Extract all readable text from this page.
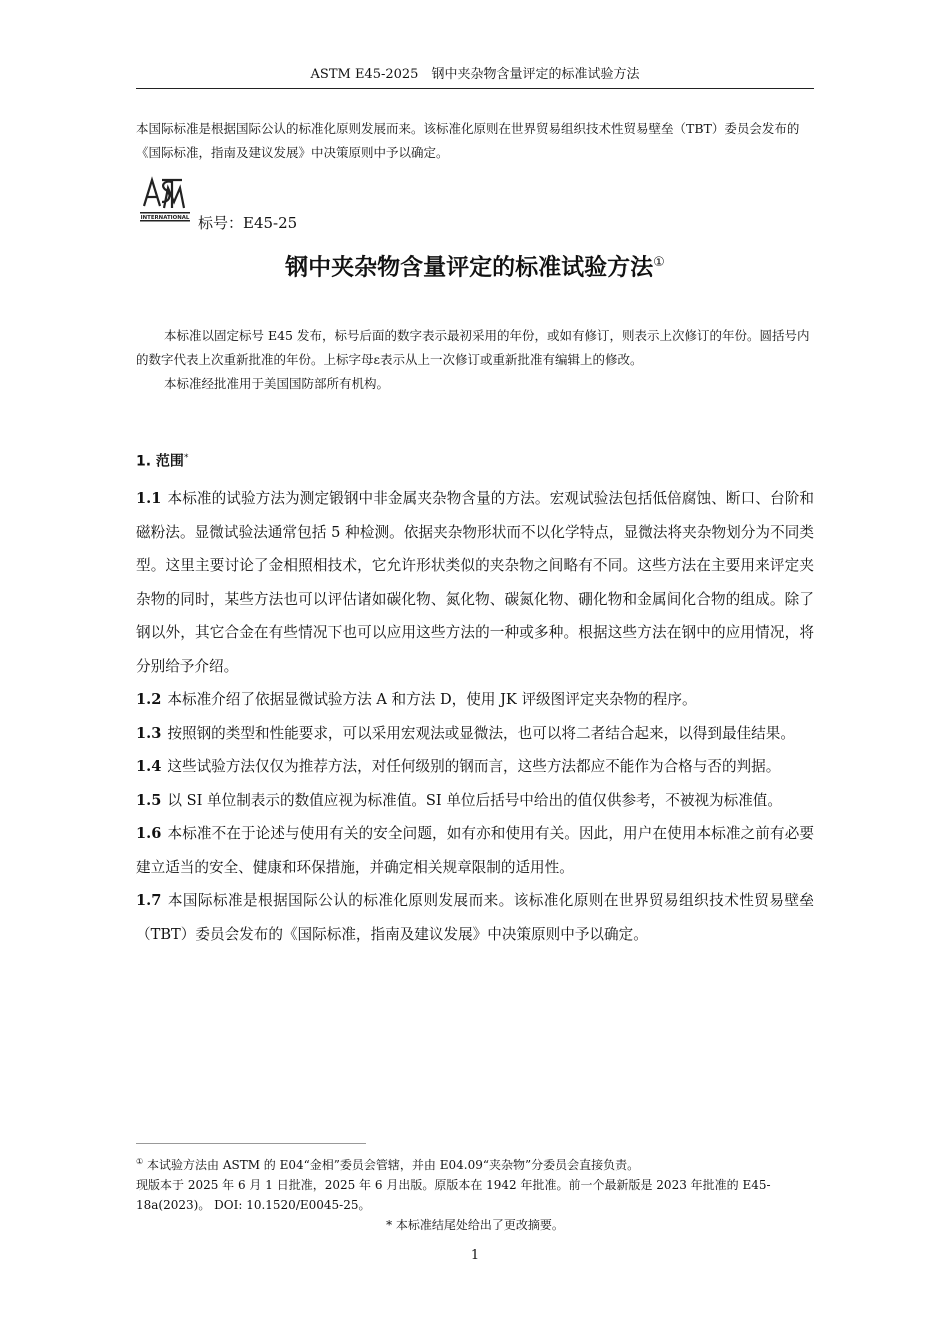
ASTM E45-2025　钢中夹杂物含量评定的标准试验方法
本国际标准是根据国际公认的标准化原则发展而来。该标准化原则在世界贸易组织技术性贸易壁垒（TBT）委员会发布的《国际标准，指南及建议发展》中决策原则中予以确定。
INTERNATIONAL 标号：E45-25
钢中夹杂物含量评定的标准试验方法①

本标准以固定标号 E45 发布，标号后面的数字表示最初采用的年份，或如有修订，则表示上次修订的年份。圆括号内的数字代表上次重新批准的年份。上标字母ε表示从上一次修订或重新批准有编辑上的修改。

本标准经批准用于美国国防部所有机构。

1. 范围*

1.1 本标准的试验方法为测定锻钢中非金属夹杂物含量的方法。宏观试验法包括低倍腐蚀、断口、台阶和磁粉法。显微试验法通常包括 5 种检测。依据夹杂物形状而不以化学特点，显微法将夹杂物划分为不同类型。这里主要讨论了金相照相技术，它允许形状类似的夹杂物之间略有不同。这些方法在主要用来评定夹杂物的同时，某些方法也可以评估诸如碳化物、氮化物、碳氮化物、硼化物和金属间化合物的组成。除了钢以外，其它合金在有些情况下也可以应用这些方法的一种或多种。根据这些方法在钢中的应用情况，将分别给予介绍。

1.2 本标准介绍了依据显微试验方法 A 和方法 D，使用 JK 评级图评定夹杂物的程序。

1.3 按照钢的类型和性能要求，可以采用宏观法或显微法，也可以将二者结合起来，以得到最佳结果。

1.4 这些试验方法仅仅为推荐方法，对任何级别的钢而言，这些方法都应不能作为合格与否的判据。

1.5 以 SI 单位制表示的数值应视为标准值。SI 单位后括号中给出的值仅供参考，不被视为标准值。

1.6 本标准不在于论述与使用有关的安全问题，如有亦和使用有关。因此，用户在使用本标准之前有必要建立适当的安全、健康和环保措施，并确定相关规章限制的适用性。

1.7 本国际标准是根据国际公认的标准化原则发展而来。该标准化原则在世界贸易组织技术性贸易壁垒（TBT）委员会发布的《国际标准，指南及建议发展》中决策原则中予以确定。

① 本试验方法由 ASTM 的 E04“金相”委员会管辖，并由 E04.09“夹杂物”分委员会直接负责。

现版本于 2025 年 6 月 1 日批准，2025 年 6 月出版。原版本在 1942 年批准。前一个最新版是 2023 年批准的 E45-18a(2023)。 DOI: 10.1520/E0045-25。

* 本标准结尾处给出了更改摘要。

1
